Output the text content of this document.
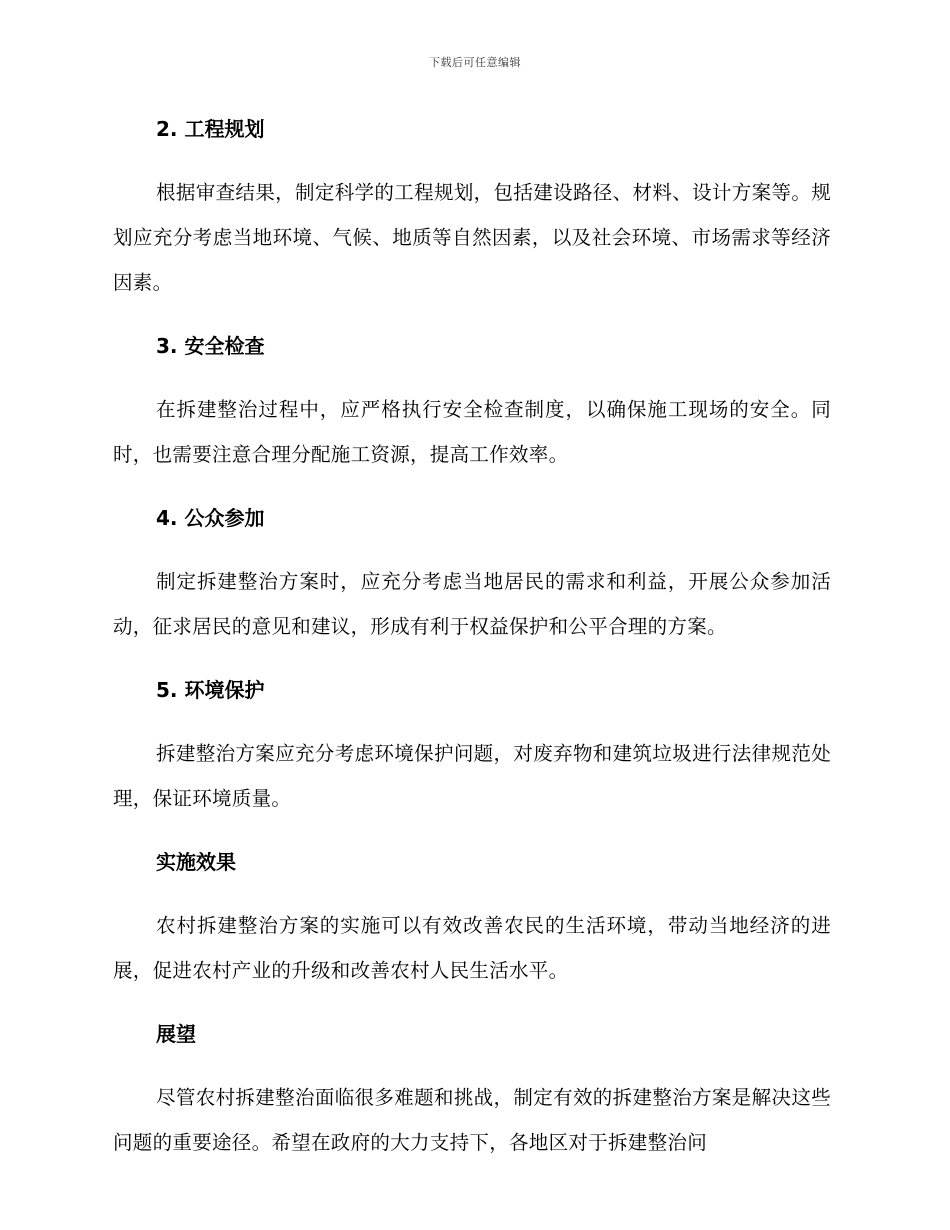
下载后可任意编辑
2. 工程规划
根据审查结果，制定科学的工程规划，包括建设路径、材料、设计方案等。规划应充分考虑当地环境、气候、地质等自然因素，以及社会环境、市场需求等经济因素。
3. 安全检查
在拆建整治过程中，应严格执行安全检查制度，以确保施工现场的安全。同时，也需要注意合理分配施工资源，提高工作效率。
4. 公众参加
制定拆建整治方案时，应充分考虑当地居民的需求和利益，开展公众参加活动，征求居民的意见和建议，形成有利于权益保护和公平合理的方案。
5. 环境保护
拆建整治方案应充分考虑环境保护问题，对废弃物和建筑垃圾进行法律规范处理，保证环境质量。
实施效果
农村拆建整治方案的实施可以有效改善农民的生活环境，带动当地经济的进展，促进农村产业的升级和改善农村人民生活水平。
展望
尽管农村拆建整治面临很多难题和挑战，制定有效的拆建整治方案是解决这些问题的重要途径。希望在政府的大力支持下，各地区对于拆建整治问
